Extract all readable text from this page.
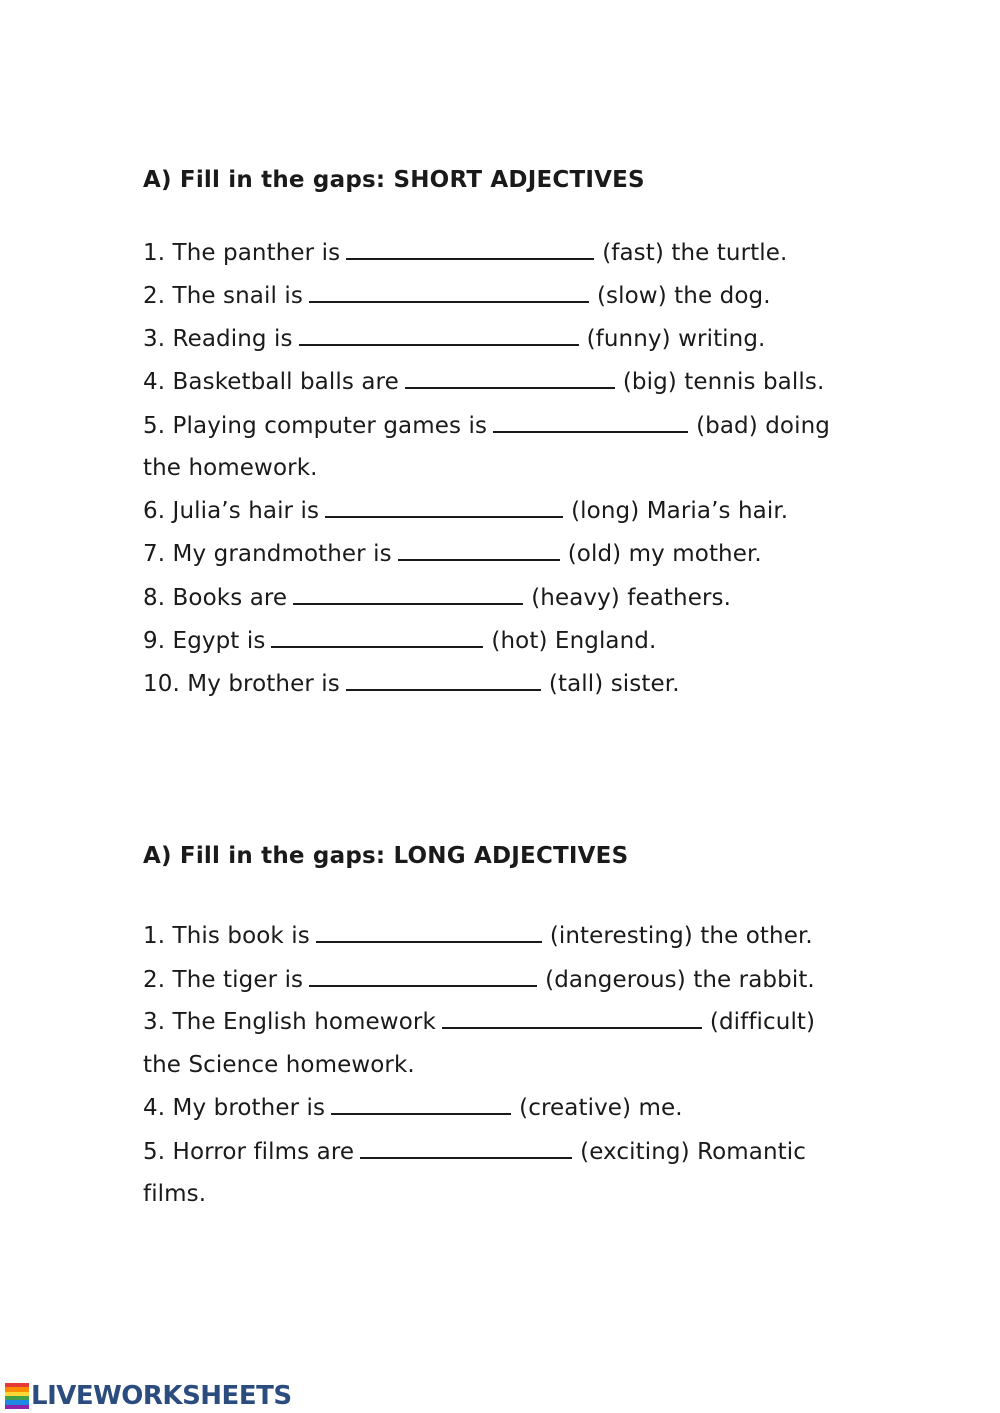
A) Fill in the gaps: SHORT ADJECTIVES

1. The panther is	(fast) the turtle.

2. The snail is	(slow) the dog.

3. Reading is	(funny) writing.

4. Basketball balls are	(big) tennis balls.

5. Playing computer games is	(bad) doing

the homework.

6. Julia’s hair is	(long) Maria’s hair.

7. My grandmother is	(old) my mother.

8. Books are	(heavy) feathers.

9. Egypt is	(hot) England.

10. My brother is	(tall) sister.

A) Fill in the gaps: LONG ADJECTIVES

1. This book is	(interesting) the other.

2. The tiger is	(dangerous) the rabbit.

3. The English homework	(difficult)

the Science homework.

4. My brother is	(creative) me.

5. Horror films are	(exciting) Romantic

films.

LIVEWORKSHEETS
